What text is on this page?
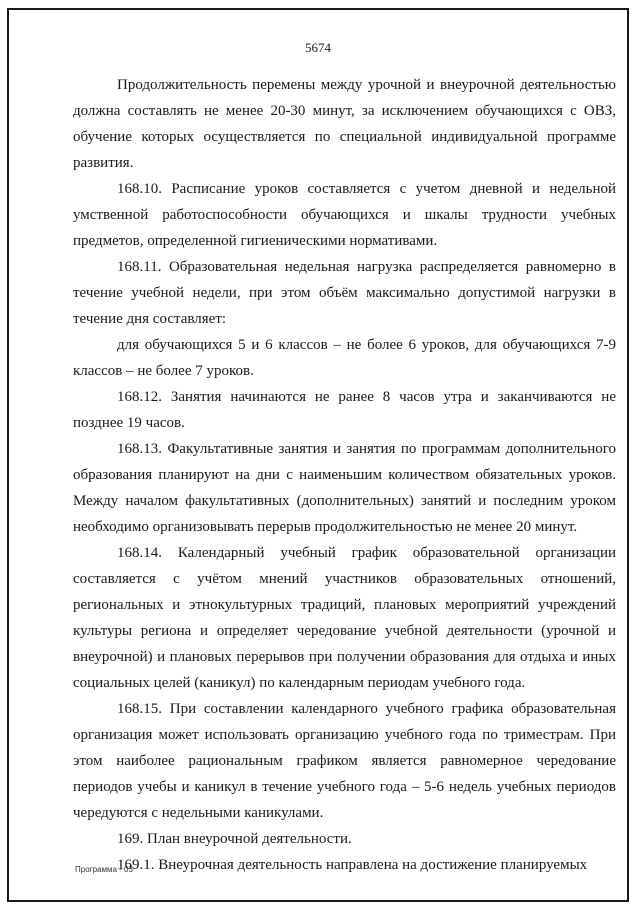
5674

Продолжительность перемены между урочной и внеурочной деятельностью должна составлять не менее 20-30 минут, за исключением обучающихся с ОВЗ, обучение которых осуществляется по специальной индивидуальной программе развития.

168.10. Расписание уроков составляется с учетом дневной и недельной умственной работоспособности обучающихся и шкалы трудности учебных предметов, определенной гигиеническими нормативами.

168.11. Образовательная недельная нагрузка распределяется равномерно в течение учебной недели, при этом объём максимально допустимой нагрузки в течение дня составляет:

для обучающихся 5 и 6 классов – не более 6 уроков, для обучающихся 7-9 классов – не более 7 уроков.

168.12. Занятия начинаются не ранее 8 часов утра и заканчиваются не позднее 19 часов.

168.13. Факультативные занятия и занятия по программам дополнительного образования планируют на дни с наименьшим количеством обязательных уроков. Между началом факультативных (дополнительных) занятий и последним уроком необходимо организовывать перерыв продолжительностью не менее 20 минут.

168.14. Календарный учебный график образовательной организации составляется с учётом мнений участников образовательных отношений, региональных и этнокультурных традиций, плановых мероприятий учреждений культуры региона и определяет чередование учебной деятельности (урочной и внеурочной) и плановых перерывов при получении образования для отдыха и иных социальных целей (каникул) по календарным периодам учебного года.

168.15. При составлении календарного учебного графика образовательная организация может использовать организацию учебного года по триместрам. При этом наиболее рациональным графиком является равномерное чередование периодов учебы и каникул в течение учебного года – 5-6 недель учебных периодов чередуются с недельными каникулами.

169. План внеурочной деятельности.

169.1. Внеурочная деятельность направлена на достижение планируемых

Программа - 03
